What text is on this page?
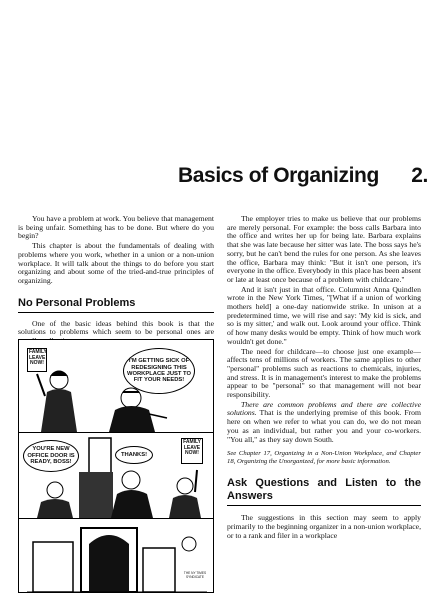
Basics of Organizing 2.

You have a problem at work. You believe that management is being unfair. Something has to be done. But where do you begin?

This chapter is about the fundamentals of dealing with problems where you work, whether in a union or a non-union workplace. It will talk about the things to do before you start organizing and about some of the tried-and-true principles of organizing.

No Personal Problems

One of the basic ideas behind this book is that the solutions to problems which seem to be personal ones are

FAMILY LEAVE NOW!	I'M GETTING SICK OF REDESIGNING THIS WORKPLACE JUST TO FIT YOUR NEEDS!
YOU'RE NEW OFFICE DOOR IS READY, BOSS!
THANKS!
FAMILY LEAVE NOW!
THE NY TIMES SYNDICATE

The employer tries to make us believe that our problems are merely personal. For example: the boss calls Barbara into the office and writes her up for being late. Barbara explains that she was late because her sitter was late. The boss says he's sorry, but he can't bend the rules for one person. As she leaves the office, Barbara may think: "But it isn't one person, it's everyone in the office. Everybody in this place has been absent or late at least once because of a problem with childcare."

And it isn't just in that office. Columnist Anna Quindlen wrote in the New York Times, "[What if a union of working mothers held] a one-day nationwide strike. In unison at a predetermined time, we will rise and say: 'My kid is sick, and so is my sitter,' and walk out. Look around your office. Think of how many desks would be empty. Think of how much work wouldn't get done."

The need for childcare—to choose just one example—affects tens of millions of workers. The same applies to other "personal" problems such as reactions to chemicals, injuries, and stress. It is in management's interest to make the problems appear to be "personal" so that management will not bear responsibility.

There are common problems and there are collective solutions. That is the underlying premise of this book. From here on when we refer to what you can do, we do not mean you as an individual, but rather you and your co-workers. "You all," as they say down South.

See Chapter 17, Organizing in a Non-Union Workplace, and Chapter 18, Organizing the Unorganized, for more basic information.

Ask Questions and Listen to the Answers

The suggestions in this section may seem to apply primarily to the beginning organizer in a non-union workplace, or to a rank and filer in a workplace
